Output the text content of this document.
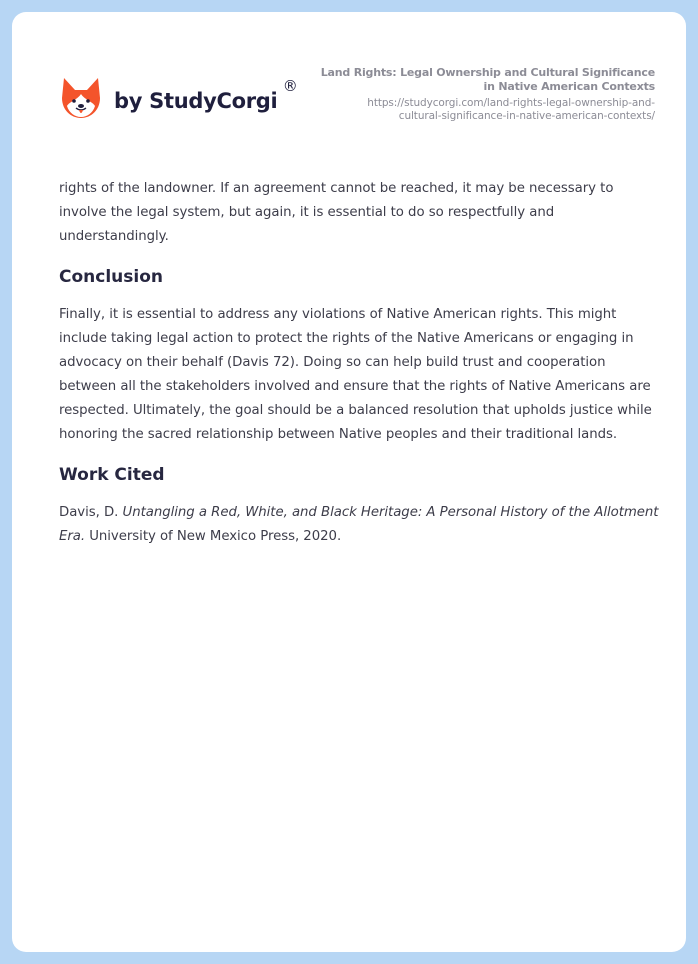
by StudyCorgi
®
Land Rights: Legal Ownership and Cultural Significance
in Native American Contexts
https://studycorgi.com/land-rights-legal-ownership-and-
cultural-significance-in-native-american-contexts/

rights of the landowner. If an agreement cannot be reached, it may be necessary to involve the legal system, but again, it is essential to do so respectfully and understandingly.

Conclusion

Finally, it is essential to address any violations of Native American rights. This might include taking legal action to protect the rights of the Native Americans or engaging in advocacy on their behalf (Davis 72). Doing so can help build trust and cooperation between all the stakeholders involved and ensure that the rights of Native Americans are respected. Ultimately, the goal should be a balanced resolution that upholds justice while honoring the sacred relationship between Native peoples and their traditional lands.

Work Cited

Davis, D. Untangling a Red, White, and Black Heritage: A Personal History of the Allotment Era. University of New Mexico Press, 2020.
